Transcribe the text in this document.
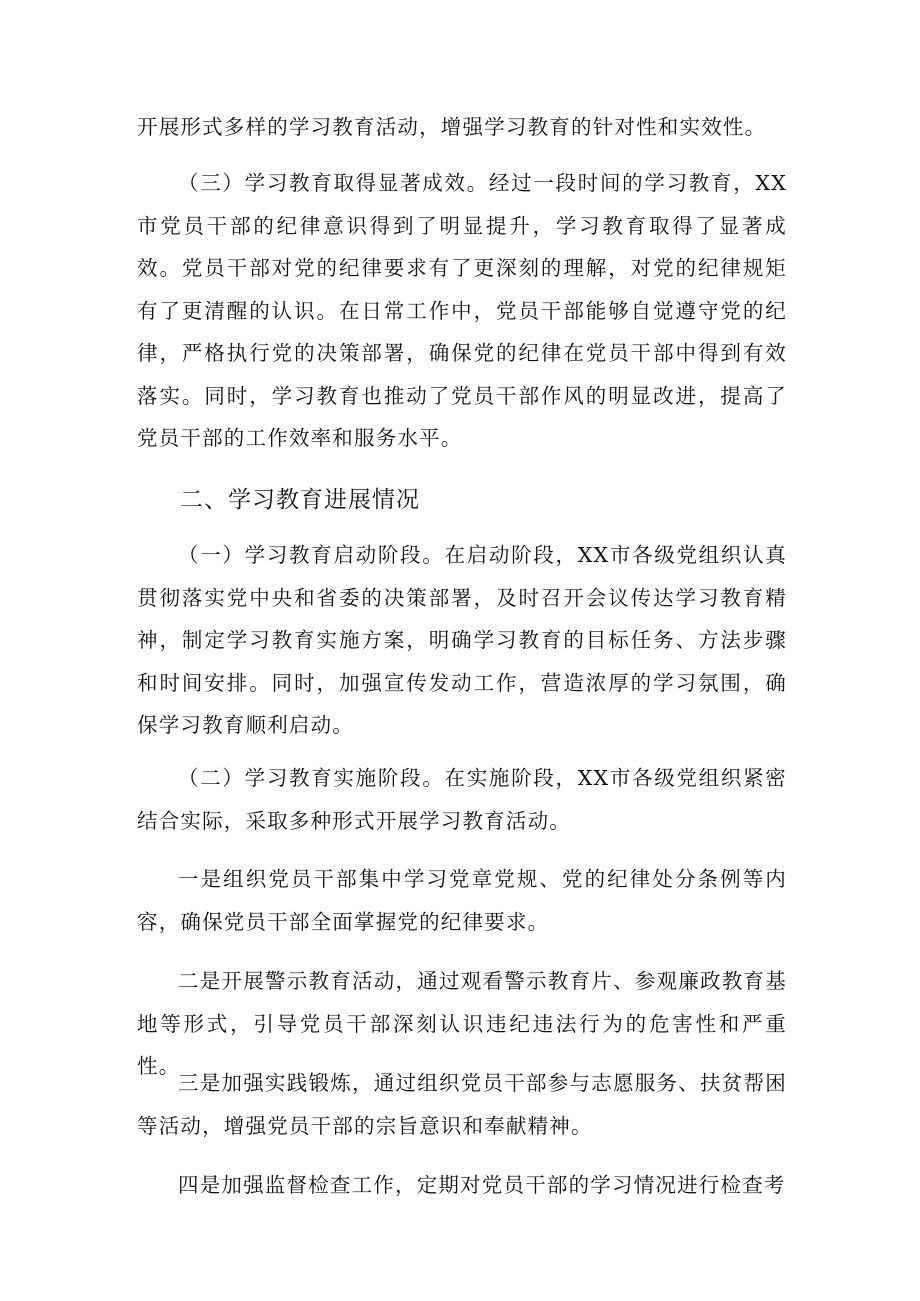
开展形式多样的学习教育活动，增强学习教育的针对性和实效性。

（三）学习教育取得显著成效。经过一段时间的学习教育，XX市党员干部的纪律意识得到了明显提升，学习教育取得了显著成效。党员干部对党的纪律要求有了更深刻的理解，对党的纪律规矩有了更清醒的认识。在日常工作中，党员干部能够自觉遵守党的纪律，严格执行党的决策部署，确保党的纪律在党员干部中得到有效落实。同时，学习教育也推动了党员干部作风的明显改进，提高了党员干部的工作效率和服务水平。

二、学习教育进展情况

（一）学习教育启动阶段。在启动阶段，XX市各级党组织认真贯彻落实党中央和省委的决策部署，及时召开会议传达学习教育精神，制定学习教育实施方案，明确学习教育的目标任务、方法步骤和时间安排。同时，加强宣传发动工作，营造浓厚的学习氛围，确保学习教育顺利启动。

（二）学习教育实施阶段。在实施阶段，XX市各级党组织紧密结合实际，采取多种形式开展学习教育活动。

一是组织党员干部集中学习党章党规、党的纪律处分条例等内容，确保党员干部全面掌握党的纪律要求。

二是开展警示教育活动，通过观看警示教育片、参观廉政教育基地等形式，引导党员干部深刻认识违纪违法行为的危害性和严重性。

三是加强实践锻炼，通过组织党员干部参与志愿服务、扶贫帮困等活动，增强党员干部的宗旨意识和奉献精神。

四是加强监督检查工作，定期对党员干部的学习情况进行检查考
